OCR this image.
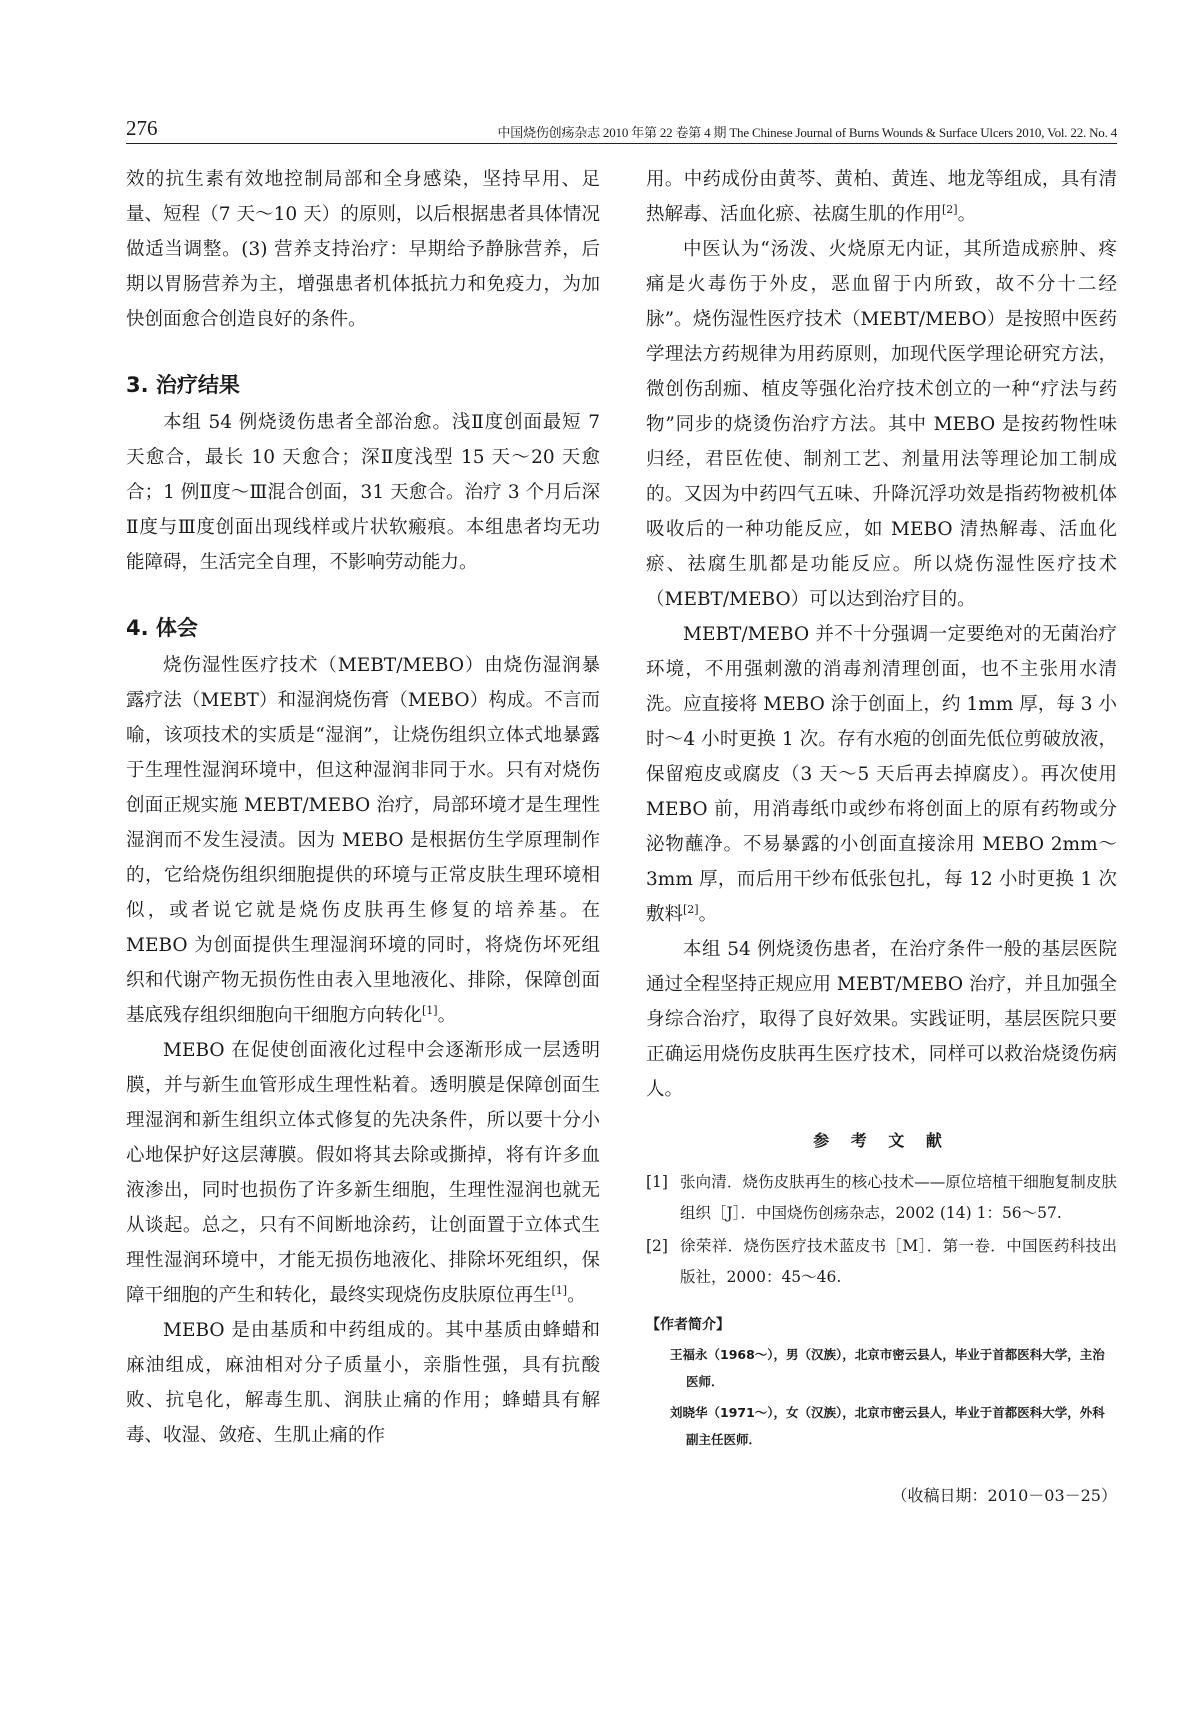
276	中国烧伤创疡杂志 2010 年第 22 卷第 4 期 The Chinese Journal of Burns Wounds & Surface Ulcers 2010, Vol. 22. No. 4

效的抗生素有效地控制局部和全身感染，坚持早用、足量、短程（7 天～10 天）的原则，以后根据患者具体情况做适当调整。(3) 营养支持治疗：早期给予静脉营养，后期以胃肠营养为主，增强患者机体抵抗力和免疫力，为加快创面愈合创造良好的条件。

3. 治疗结果

本组 54 例烧烫伤患者全部治愈。浅Ⅱ度创面最短 7 天愈合，最长 10 天愈合；深Ⅱ度浅型 15 天～20 天愈合；1 例Ⅱ度～Ⅲ混合创面，31 天愈合。治疗 3 个月后深Ⅱ度与Ⅲ度创面出现线样或片状软瘢痕。本组患者均无功能障碍，生活完全自理，不影响劳动能力。

4. 体会

烧伤湿性医疗技术（MEBT/MEBO）由烧伤湿润暴露疗法（MEBT）和湿润烧伤膏（MEBO）构成。不言而喻，该项技术的实质是“湿润”，让烧伤组织立体式地暴露于生理性湿润环境中，但这种湿润非同于水。只有对烧伤创面正规实施 MEBT/MEBO 治疗，局部环境才是生理性湿润而不发生浸渍。因为 MEBO 是根据仿生学原理制作的，它给烧伤组织细胞提供的环境与正常皮肤生理环境相似，或者说它就是烧伤皮肤再生修复的培养基。在 MEBO 为创面提供生理湿润环境的同时，将烧伤坏死组织和代谢产物无损伤性由表入里地液化、排除，保障创面基底残存组织细胞向干细胞方向转化[1]。

MEBO 在促使创面液化过程中会逐渐形成一层透明膜，并与新生血管形成生理性粘着。透明膜是保障创面生理湿润和新生组织立体式修复的先决条件，所以要十分小心地保护好这层薄膜。假如将其去除或撕掉，将有许多血液渗出，同时也损伤了许多新生细胞，生理性湿润也就无从谈起。总之，只有不间断地涂药，让创面置于立体式生理性湿润环境中，才能无损伤地液化、排除坏死组织，保障干细胞的产生和转化，最终实现烧伤皮肤原位再生[1]。

MEBO 是由基质和中药组成的。其中基质由蜂蜡和麻油组成，麻油相对分子质量小，亲脂性强，具有抗酸败、抗皂化，解毒生肌、润肤止痛的作用；蜂蜡具有解毒、收湿、敛疮、生肌止痛的作

用。中药成份由黄芩、黄柏、黄连、地龙等组成，具有清热解毒、活血化瘀、祛腐生肌的作用[2]。

中医认为“汤泼、火烧原无内证，其所造成瘀肿、疼痛是火毒伤于外皮，恶血留于内所致，故不分十二经脉”。烧伤湿性医疗技术（MEBT/MEBO）是按照中医药学理法方药规律为用药原则，加现代医学理论研究方法，微创伤刮痂、植皮等强化治疗技术创立的一种“疗法与药物”同步的烧烫伤治疗方法。其中 MEBO 是按药物性味归经，君臣佐使、制剂工艺、剂量用法等理论加工制成的。又因为中药四气五味、升降沉浮功效是指药物被机体吸收后的一种功能反应，如 MEBO 清热解毒、活血化瘀、祛腐生肌都是功能反应。所以烧伤湿性医疗技术（MEBT/MEBO）可以达到治疗目的。

MEBT/MEBO 并不十分强调一定要绝对的无菌治疗环境，不用强刺激的消毒剂清理创面，也不主张用水清洗。应直接将 MEBO 涂于创面上，约 1mm 厚，每 3 小时～4 小时更换 1 次。存有水疱的创面先低位剪破放液，保留疱皮或腐皮（3 天～5 天后再去掉腐皮）。再次使用 MEBO 前，用消毒纸巾或纱布将创面上的原有药物或分泌物蘸净。不易暴露的小创面直接涂用 MEBO 2mm～3mm 厚，而后用干纱布低张包扎，每 12 小时更换 1 次敷料[2]。

本组 54 例烧烫伤患者，在治疗条件一般的基层医院通过全程坚持正规应用 MEBT/MEBO 治疗，并且加强全身综合治疗，取得了良好效果。实践证明，基层医院只要正确运用烧伤皮肤再生医疗技术，同样可以救治烧烫伤病人。

参 考 文 献
[1] 张向清．烧伤皮肤再生的核心技术——原位培植干细胞复制皮肤组织［J］．中国烧伤创疡杂志，2002 (14) 1：56～57.
[2] 徐荣祥．烧伤医疗技术蓝皮书［M］．第一卷．中国医药科技出版社，2000：45～46.
【作者简介】
王福永（1968～），男（汉族），北京市密云县人，毕业于首都医科大学，主治医师．
刘晓华（1971～），女（汉族），北京市密云县人，毕业于首都医科大学，外科副主任医师．
（收稿日期：2010－03－25）
